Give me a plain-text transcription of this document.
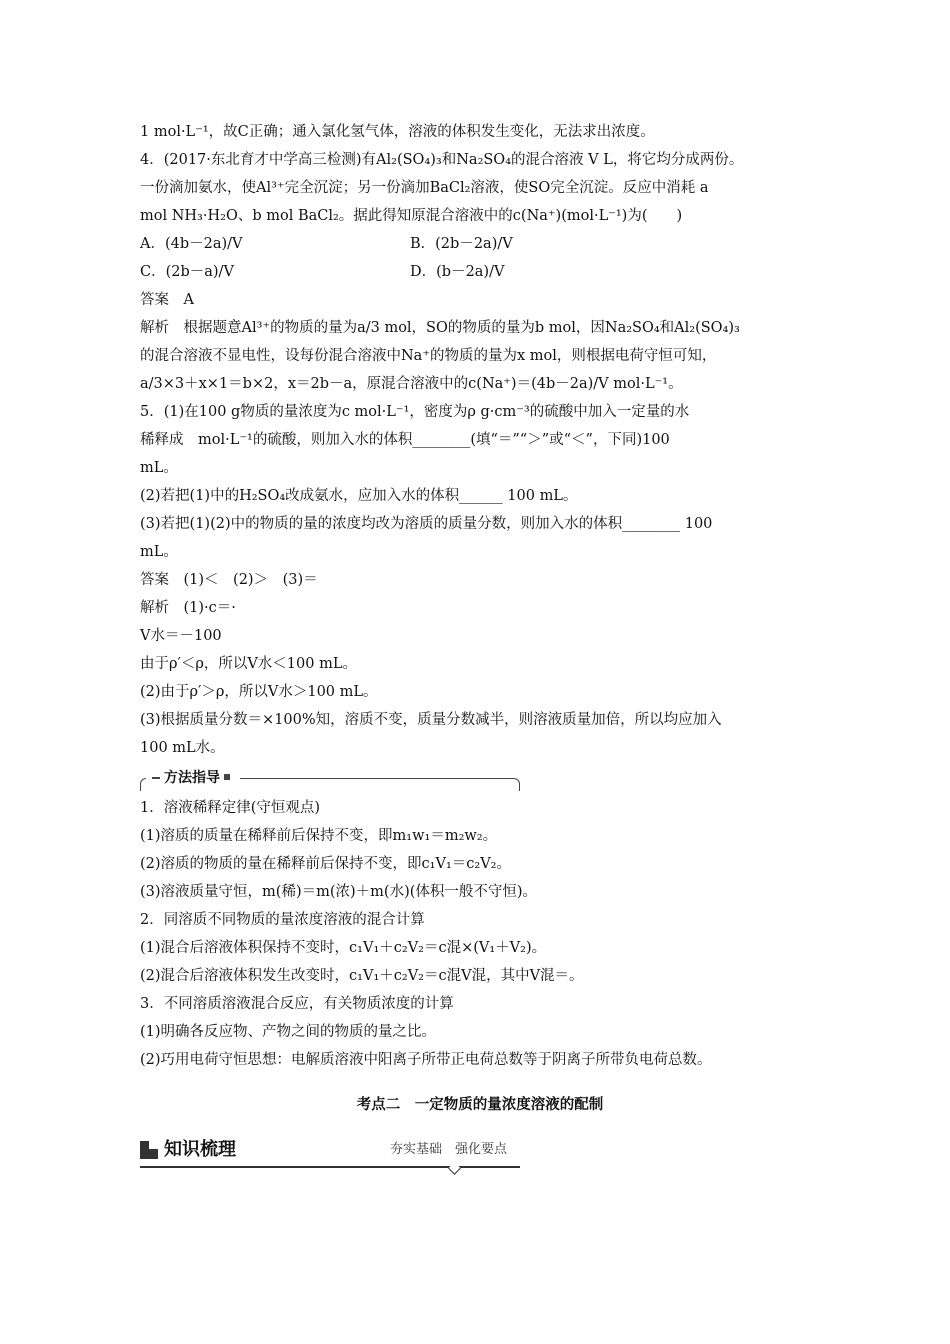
1 mol·L⁻¹，故C正确；通入氯化氢气体，溶液的体积发生变化，无法求出浓度。
4．(2017·东北育才中学高三检测)有Al₂(SO₄)₃和Na₂SO₄的混合溶液 V L，将它均分成两份。
一份滴加氨水，使Al³⁺完全沉淀；另一份滴加BaCl₂溶液，使SO完全沉淀。反应中消耗 a
mol NH₃·H₂O、b mol BaCl₂。据此得知原混合溶液中的c(Na⁺)(mol·L⁻¹)为(　　)
A．(4b－2a)/V	B．(2b－2a)/V
C．(2b－a)/V	D．(b－2a)/V
答案　A
解析　根据题意Al³⁺的物质的量为a/3 mol，SO的物质的量为b mol，因Na₂SO₄和Al₂(SO₄)₃
的混合溶液不显电性，设每份混合溶液中Na⁺的物质的量为x mol，则根据电荷守恒可知，
a/3×3＋x×1＝b×2，x＝2b－a，原混合溶液中的c(Na⁺)＝(4b－2a)/V mol·L⁻¹。
5．(1)在100 g物质的量浓度为c mol·L⁻¹，密度为ρ g·cm⁻³的硫酸中加入一定量的水
稀释成　mol·L⁻¹的硫酸，则加入水的体积________(填“＝”“＞”或“＜”，下同)100
mL。
(2)若把(1)中的H₂SO₄改成氨水，应加入水的体积______ 100 mL。
(3)若把(1)(2)中的物质的量的浓度均改为溶质的质量分数，则加入水的体积________ 100
mL。
答案　(1)＜　(2)＞　(3)＝
解析　(1)·c＝·
V水＝－100
由于ρ′＜ρ，所以V水＜100 mL。
(2)由于ρ′＞ρ，所以V水＞100 mL。
(3)根据质量分数＝×100%知，溶质不变，质量分数减半，则溶液质量加倍，所以均应加入
100 mL水。
方法指导
1．溶液稀释定律(守恒观点)
(1)溶质的质量在稀释前后保持不变，即m₁w₁＝m₂w₂。
(2)溶质的物质的量在稀释前后保持不变，即c₁V₁＝c₂V₂。
(3)溶液质量守恒，m(稀)＝m(浓)＋m(水)(体积一般不守恒)。
2．同溶质不同物质的量浓度溶液的混合计算
(1)混合后溶液体积保持不变时，c₁V₁＋c₂V₂＝c混×(V₁＋V₂)。
(2)混合后溶液体积发生改变时，c₁V₁＋c₂V₂＝c混V混，其中V混＝。
3．不同溶质溶液混合反应，有关物质浓度的计算
(1)明确各反应物、产物之间的物质的量之比。
(2)巧用电荷守恒思想：电解质溶液中阳离子所带正电荷总数等于阴离子所带负电荷总数。
考点二　一定物质的量浓度溶液的配制
知识梳理	夯实基础　强化要点
